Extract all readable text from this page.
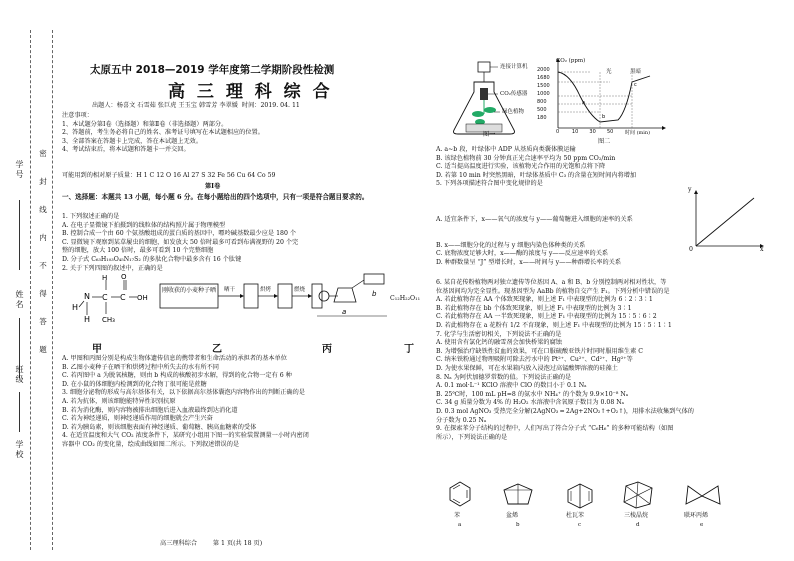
学号
姓名
学校
班级
密
封
线
内
不
得
答
题
太原五中 2018—2019 学年度第二学期阶段性检测
高 三 理 科 综 合
出题人：杨喜文 石雪茹 张巨虎 王玉宝 韩雪芳 李翠媛 时间：2019. 04. 11
注意事项：
1、本试题分第Ⅰ卷（选择题）和第Ⅱ卷（非选择题）两部分。
2、答题前，考生务必将自己的姓名、准考证号填写在本试题相应的位置。
3、全部答案在答题卡上完成，答在本试题上无效。
4、考试结束后，将本试题和答题卡一并交回。
可能用到的相对原子质量：H 1 C 12 O 16 Al 27 S 32 Fe 56 Cu 64 Co 59
第Ⅰ卷
一、选择题：本题共 13 小题，每小题 6 分。在每小题给出的四个选项中，只有一项是符合题目要求的。
1. 下列叙述正确的是
A. 在电子显微镜下拍摄到的线粒体的结构照片属于物理模型
B. 控制合成一个由 60 个氨基酸组成的蛋白质的基因中，嘌呤碱基数最少应是 180 个
C. 显微镜下观察到某草履虫的细胞，如发放大 50 倍时最多可看到布满视野的 20 个完
整的细胞，放大 100 倍时，最多可看到 10 个完整细胞
D. 分子式 C₆₃H₁₀₃O₄₅N₁₇S₂ 的多肽化合物中最多含有 16 个肽键
2. 关于下列四图的叙述中，正确的是
H
N
H
C
H
CH₃
C
O
OH
a
b
刚收获的小麦种子晒	晒干	烘烤	燃烧
C₁₂H₂₂O₁₁
甲	乙	丙	丁
A. 甲图和丙图分别是构成生物体遗传信息的携带者和生命活动的承担者的基本单位
B. 乙图小麦种子在晒干和烘烤过程中所失去的水有所不同
C. 若丙图中 a 为脱氧核糖，则由 b 构成的核酸初步水解，得到的化合物一定有 6 种
D. 在小鼠的体细胞内检测到的化合物丁很可能是蔗糖
3. 细胞分泌物的形成与高尔基体有关，以下依据高尔基体囊泡内容物作出的判断正确的是
A. 若为抗体，则该细胞能特异性识别抗原
B. 若为消化酶，则内容物被排出细胞后进入血液最终到达消化道
C. 若为神经递质，则神经递质作用的细胞就会产生兴奋
D. 若为胰岛素，则该细胞表面有神经递质、葡萄糖、胰高血糖素的受体
4. 在适宜温度和大气 CO₂ 浓度条件下，某研究小组用下图一的实验装置测量一小时内密闭
容器中 CO₂ 的变化量，绘成曲线如图二所示。下列叙述错误的是
高三理科综合	第 1 页(共 18 页)
连接计算机
CO₂传感器
绿色植物
图一
a
b
c
CO₂ (ppm)
2000
1680
1500
1000
800
500
180
0	10 30 50 时间 (min)
光	黑暗
图二
A. a~b 段，叶绿体中 ADP 从基质向类囊体膜运输
B. 该绿色植物前 30 分钟真正光合速率平均为 50 ppm CO₂/min
C. 适当提高温度进行实验，该植物光合作用的光饱和点将下降
D. 若第 10 min 时突然黑暗，叶绿体基质中 C₃ 的含量在短时间内将增加
5. 下列各项描述符合图中变化规律的是
y
x
0
A. 适宜条件下，x——氧气的浓度与 y——葡萄糖进入细胞的速率的关系
B. x——细胞分化的过程与 y 细胞内染色体种类的关系
C. 底物浓度足够大时，x——酶的浓度与 y——反应速率的关系
D. 种群数量呈 “J” 型增长时，x——时间与 y——种群增长率的关系
6. 某自花传粉植物两对独立遗传等位基因 A、a 和 B、b 分别控制两对相对性状，等
位基因间均为完全显性。现基因型为 AaBb 的植物自交产生 F₁。下列分析中错误的是
A. 若此植物存在 AA 个体致死现象，则上述 F₁ 中表现型的比例为 6∶2∶3∶1
B. 若此植物存在 bb 个体致死现象，则上述 F₁ 中表现型的比例为 3∶1
C. 若此植物存在 AA 一半致死现象，则上述 F₁ 中表现型的比例为 15∶5∶6∶2
D. 若此植物存在 a 花粉有 1/2 不育现象，则上述 F₁ 中表现型的比例为 15∶5∶1∶1
7. 化学与生活密切相关，下列说法不正确的是
A. 使用含有氯化钙的融雪剂会加快桥梁的腐蚀
B. 为增强治疗缺铁性贫血的效果，可在口服硫酸亚铁片时同时服用维生素 C
C. 纳米铁粉通过物理吸附可除去污水中的 Pt²⁺、Cu²⁺、Cd²⁺、Hg²⁺等
D. 为使水果保鲜，可在水果箱内放入浸泡过高锰酸钾溶液的硅藻土
8. Nₐ 为阿伏加德罗常数的值。下列说法正确的是
A. 0.1 mol·L⁻¹ KClO 溶液中 ClO 的数目小于 0.1 Nₐ
B. 25℃时，100 mL pH=8 的氨水中 NH₄⁺ 的个数为 9.9×10⁻⁸ Nₐ
C. 34 g 质量分数为 4% 的 H₂O₂ 水溶液中含氧原子数目为 0.08 Nₐ
D. 0.3 mol AgNO₃ 受热完全分解(2AgNO₃ ═ 2Ag+2NO₂↑+O₂↑)，用排水法收集到气体的
分子数为 0.25 Nₐ
9. 在探索苯分子结构的过程中，人们写出了符合分子式 “C₆H₆” 的多种可能结构（如图
所示），下列说法正确的是
苯	盆烯	杜瓦苯	三棱晶烷	联环丙烯
a	b	c	d	e
